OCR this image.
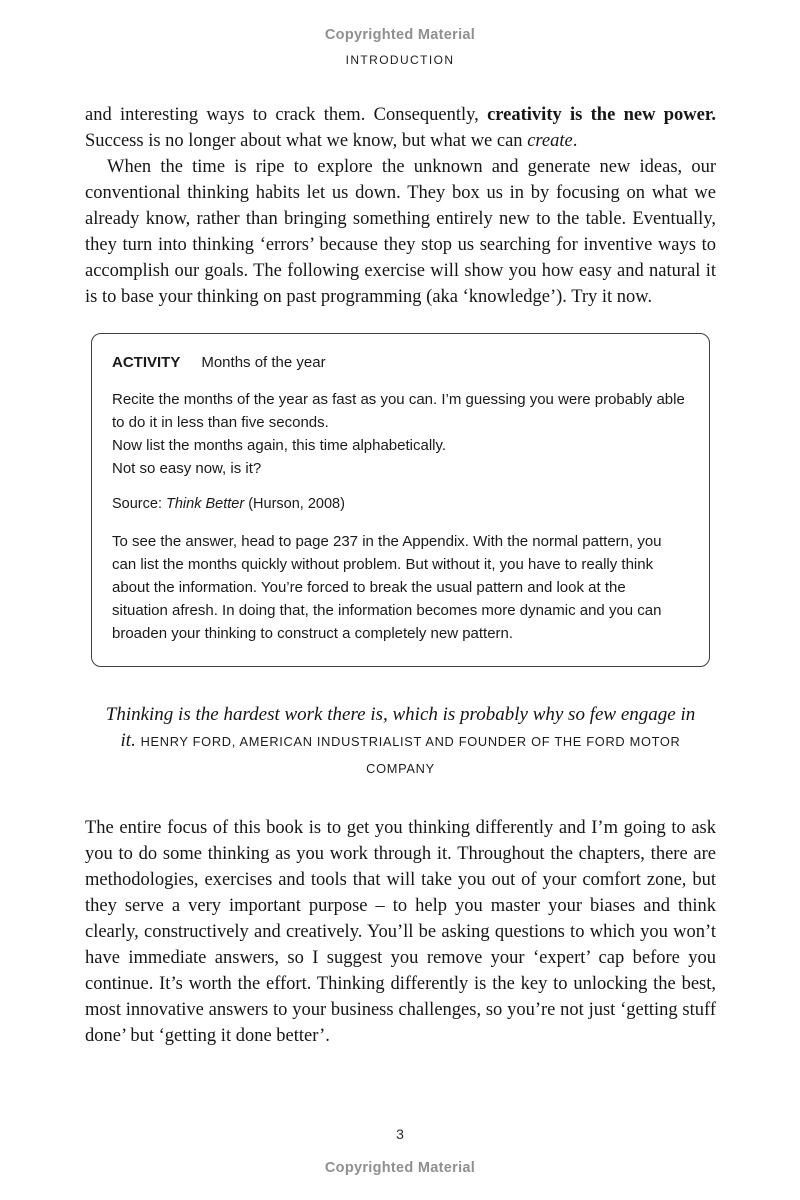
Copyrighted Material
INTRODUCTION

and interesting ways to crack them. Consequently, creativity is the new power. Success is no longer about what we know, but what we can create.

When the time is ripe to explore the unknown and generate new ideas, our conventional thinking habits let us down. They box us in by focusing on what we already know, rather than bringing something entirely new to the table. Eventually, they turn into thinking ‘errors’ because they stop us searching for inventive ways to accomplish our goals. The following exercise will show you how easy and natural it is to base your thinking on past programming (aka ‘knowledge’). Try it now.

ACTIVITY Months of the year
Recite the months of the year as fast as you can. I’m guessing you were probably able to do it in less than five seconds.
Now list the months again, this time alphabetically.
Not so easy now, is it?
Source: Think Better (Hurson, 2008)
To see the answer, head to page 237 in the Appendix. With the normal pattern, you can list the months quickly without problem. But without it, you have to really think about the information. You’re forced to break the usual pattern and look at the situation afresh. In doing that, the information becomes more dynamic and you can broaden your thinking to construct a completely new pattern.
Thinking is the hardest work there is, which is probably why so few engage in it. HENRY FORD, AMERICAN INDUSTRIALIST AND FOUNDER OF THE FORD MOTOR COMPANY

The entire focus of this book is to get you thinking differently and I’m going to ask you to do some thinking as you work through it. Throughout the chapters, there are methodologies, exercises and tools that will take you out of your comfort zone, but they serve a very important purpose – to help you master your biases and think clearly, constructively and creatively. You’ll be asking questions to which you won’t have immediate answers, so I suggest you remove your ‘expert’ cap before you continue. It’s worth the effort. Thinking differently is the key to unlocking the best, most innovative answers to your business challenges, so you’re not just ‘getting stuff done’ but ‘getting it done better’.

3
Copyrighted Material
